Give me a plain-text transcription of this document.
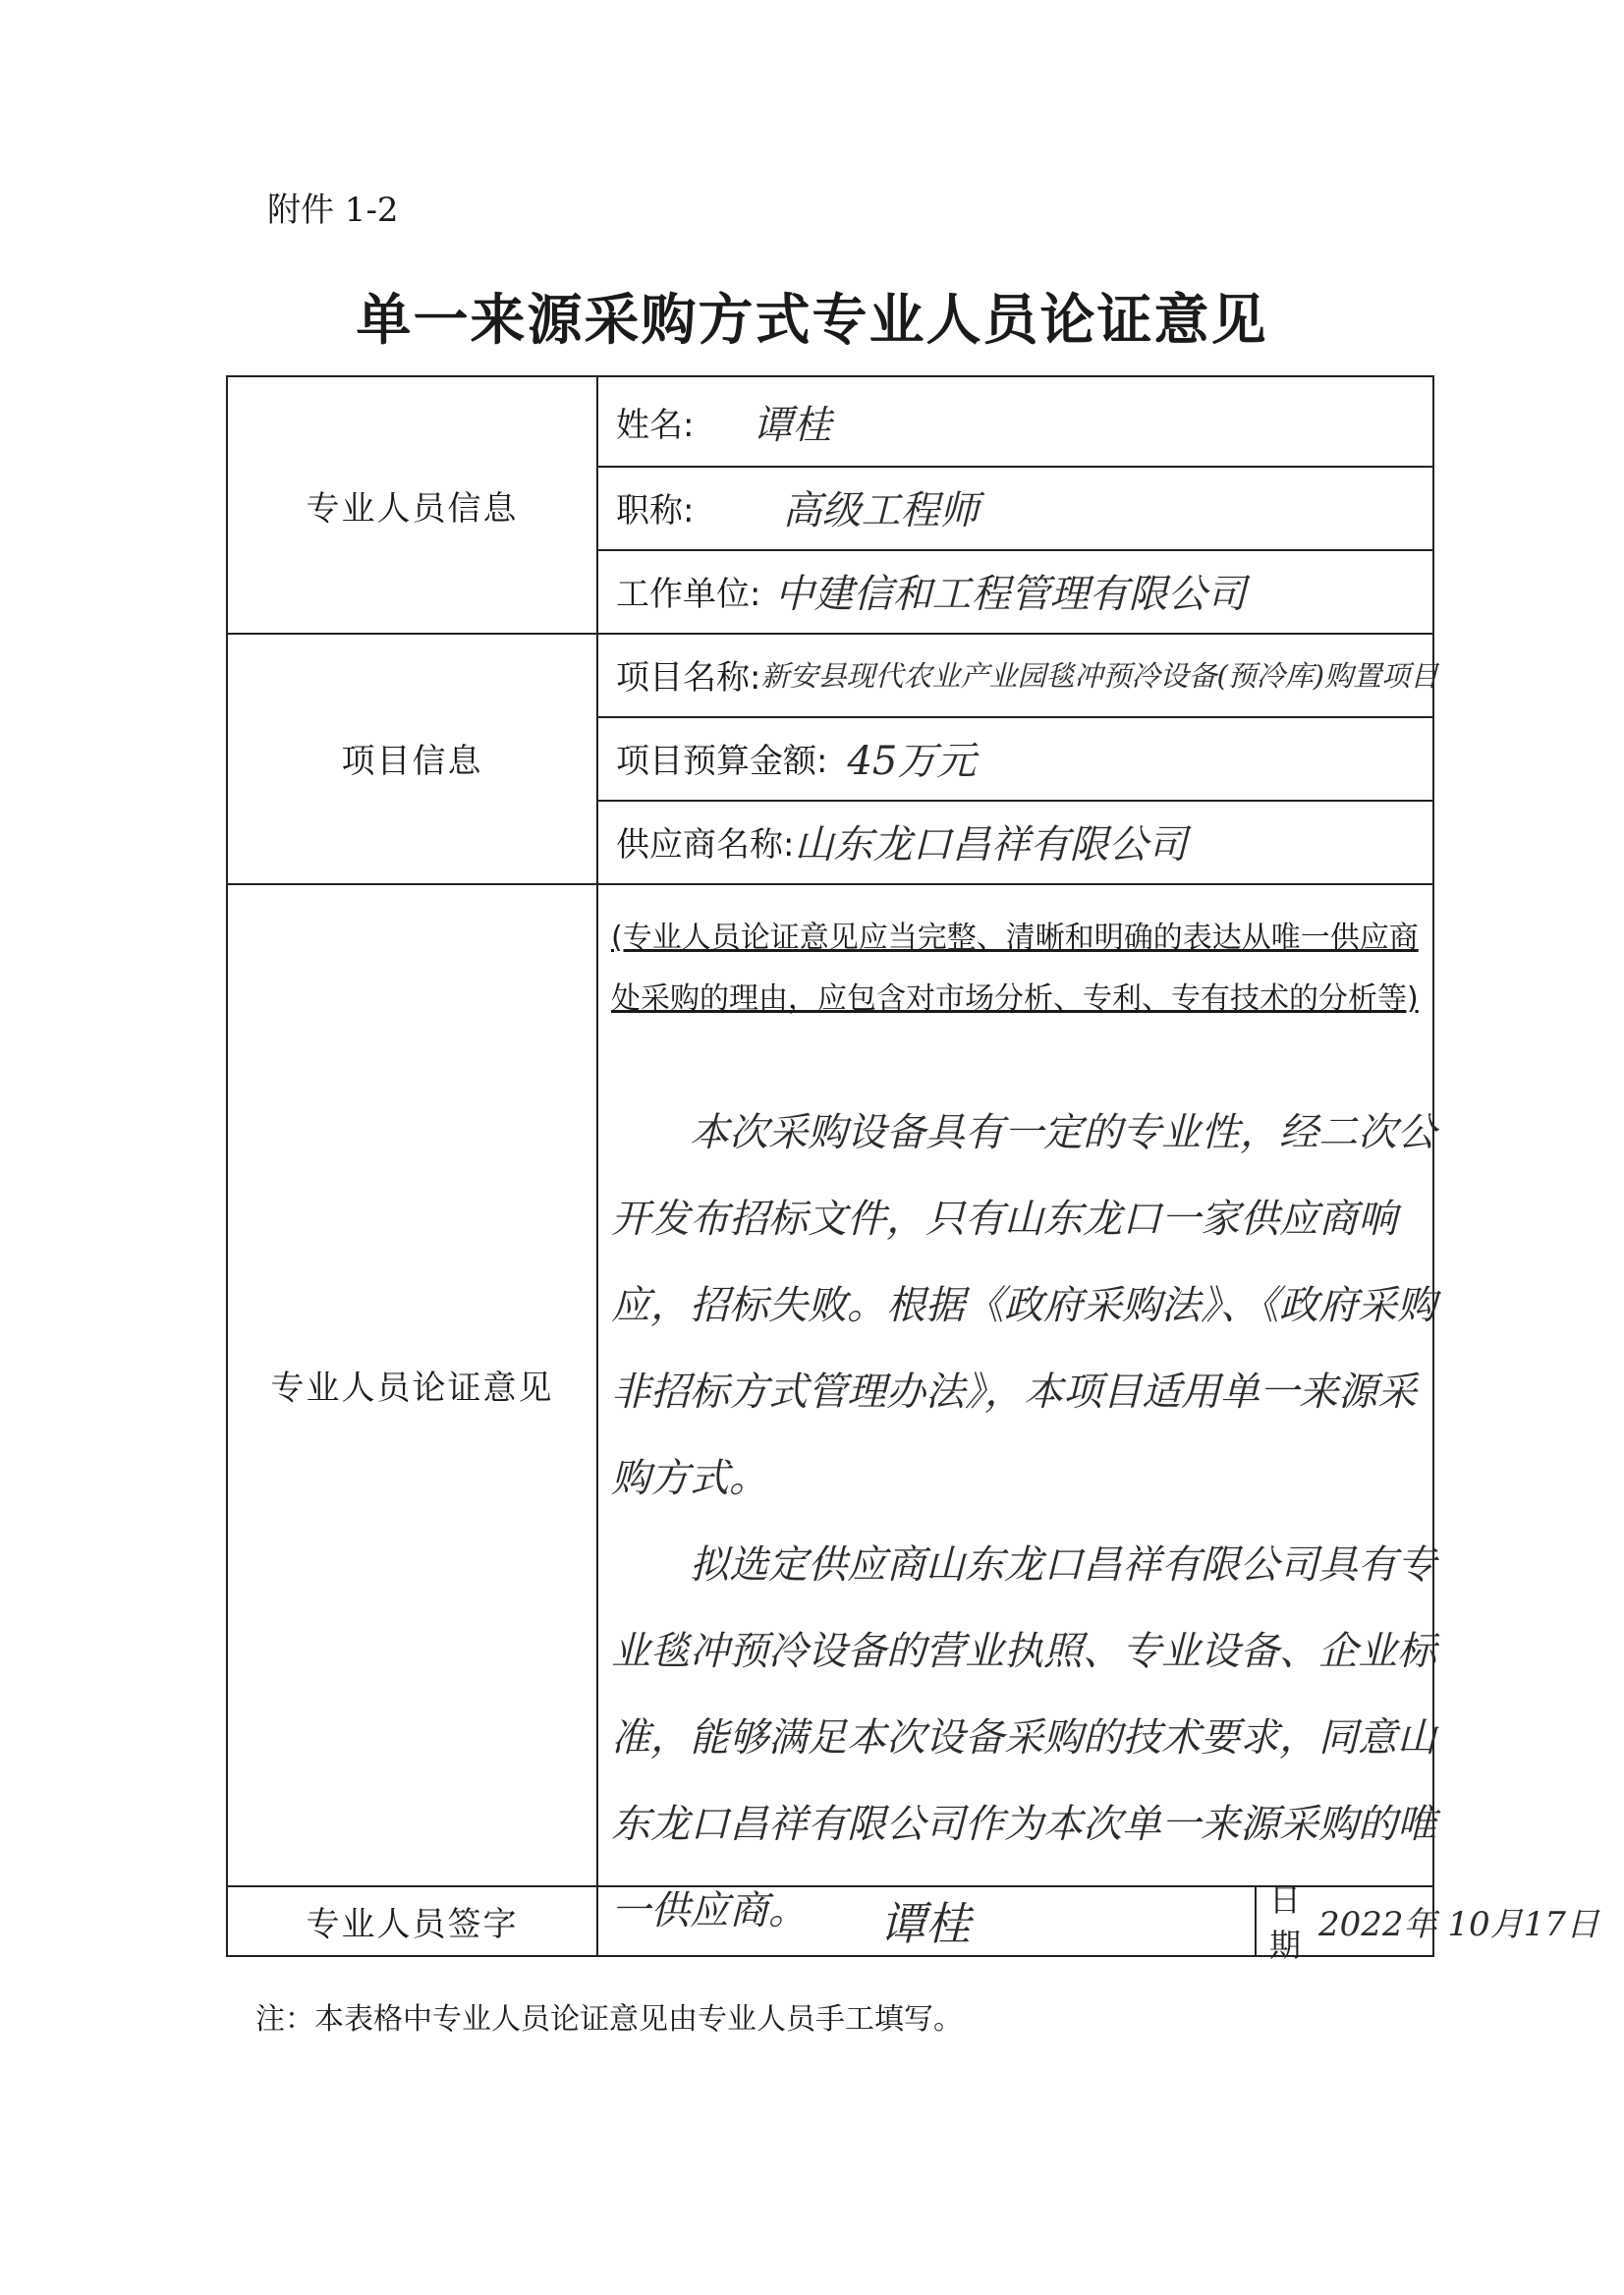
附件 1-2
单一来源采购方式专业人员论证意见
专业人员信息
项目信息
专业人员论证意见
专业人员签字
姓名: 谭桂
职称: 高级工程师
工作单位: 中建信和工程管理有限公司
项目名称: 新安县现代农业产业园毯冲预冷设备(预冷库)购置项目
项目预算金额: 45万元
供应商名称: 山东龙口昌祥有限公司
(专业人员论证意见应当完整、清晰和明确的表达从唯一供应商处采购的理由，应包含对市场分析、专利、专有技术的分析等)

本次采购设备具有一定的专业性，经二次公开发布招标文件，只有山东龙口一家供应商响应，招标失败。根据《政府采购法》、《政府采购非招标方式管理办法》，本项目适用单一来源采购方式。

拟选定供应商山东龙口昌祥有限公司具有专业毯冲预冷设备的营业执照、专业设备、企业标准，能够满足本次设备采购的技术要求，同意山东龙口昌祥有限公司作为本次单一来源采购的唯一供应商。	谭桂	日期
2022年 10月17日
注：本表格中专业人员论证意见由专业人员手工填写。
